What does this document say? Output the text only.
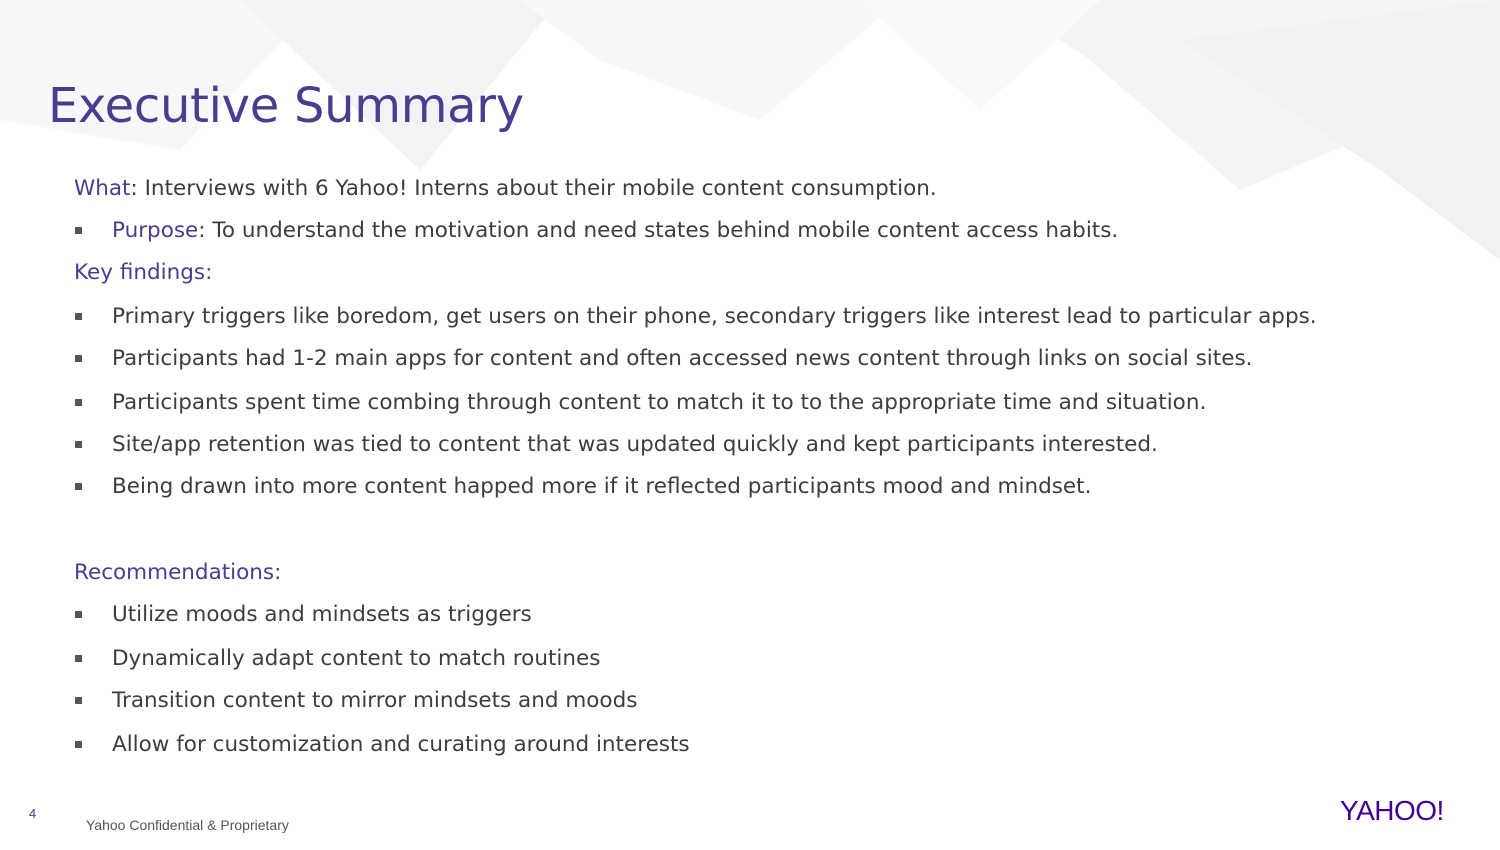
Executive Summary
What: Interviews with 6 Yahoo! Interns about their mobile content consumption.
Purpose: To understand the motivation and need states behind mobile content access habits.
Key findings:
Primary triggers like boredom, get users on their phone, secondary triggers like interest lead to particular apps.
Participants had 1-2 main apps for content and often accessed news content through links on social sites.
Participants spent time combing through content to match it to to the appropriate time and situation.
Site/app retention was tied to content that was updated quickly and kept participants interested.
Being drawn into more content happed more if it reflected participants mood and mindset.
Recommendations:
Utilize moods and mindsets as triggers
Dynamically adapt content to match routines
Transition content to mirror mindsets and moods
Allow for customization and curating around interests
4
Yahoo Confidential & Proprietary	YAHOO!
